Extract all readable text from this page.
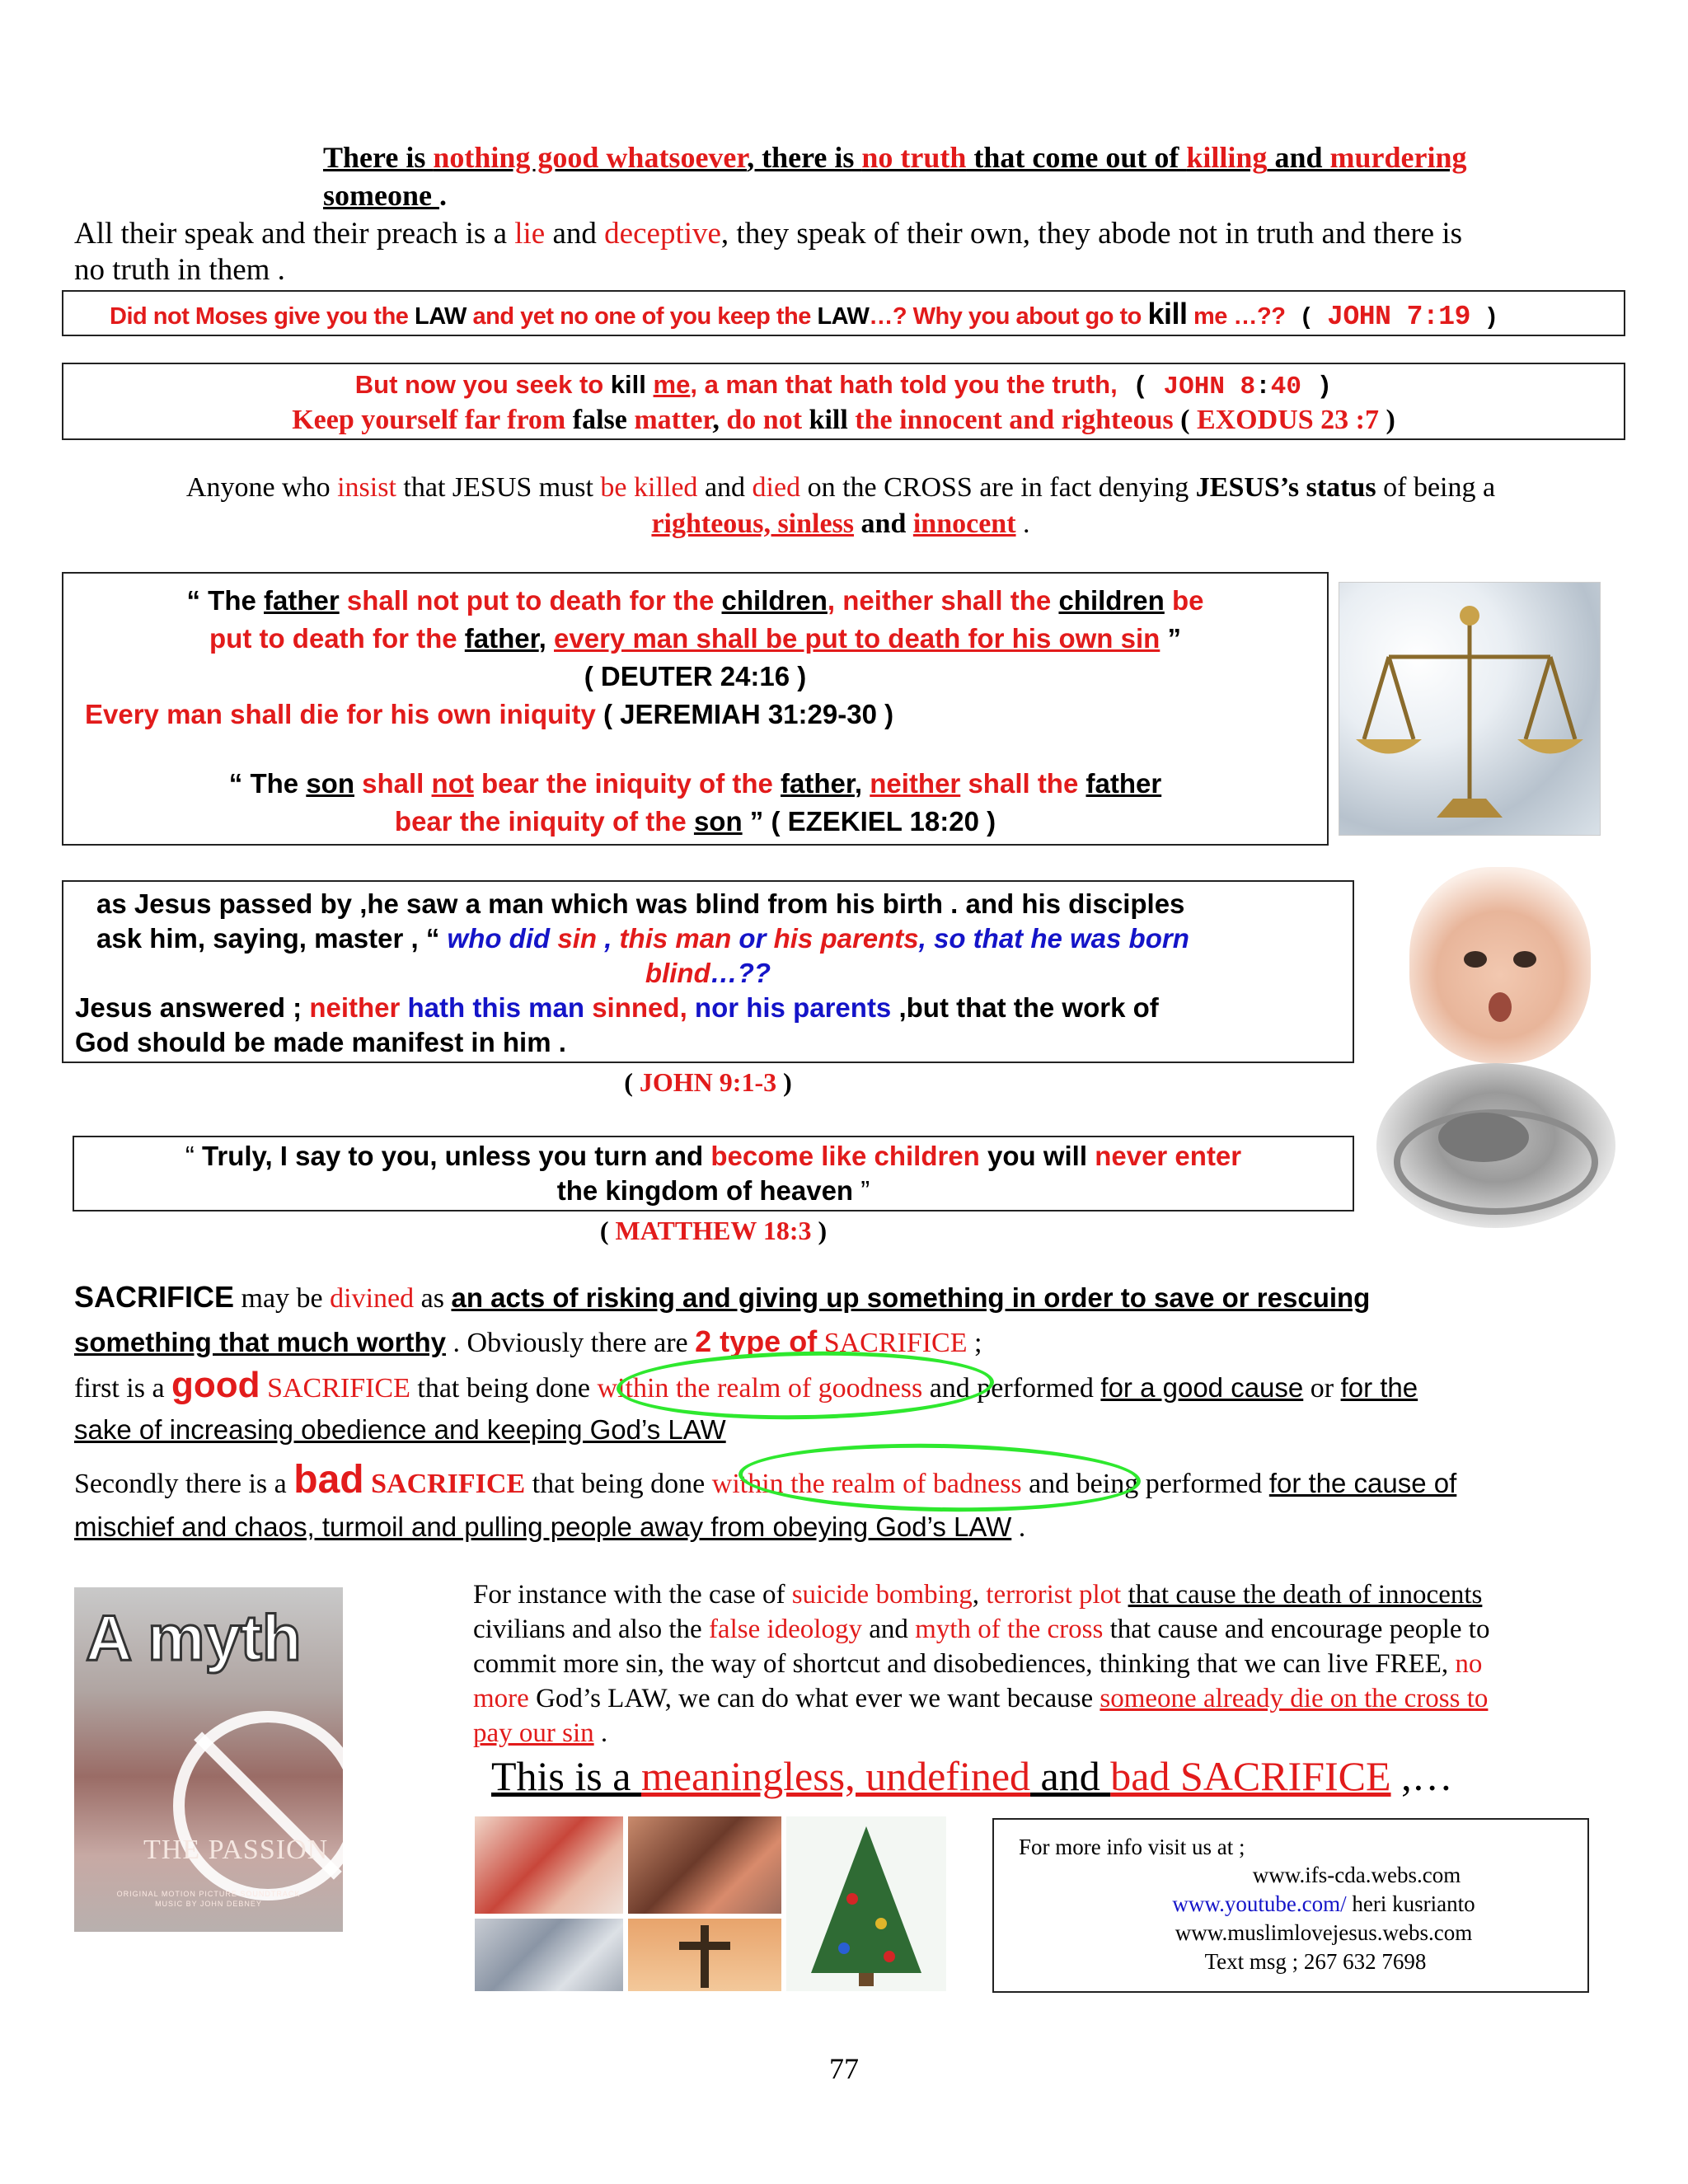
There is nothing good whatsoever, there is no truth that come out of killing and murdering
someone .
All their speak and their preach is a lie and deceptive, they speak of their own, they abode not in truth and there is
no truth in them .
Did not Moses give you the LAW and yet no one of you keep the LAW…? Why you about go to kill me …?? ( JOHN 7:19 )
But now you seek to kill me, a man that hath told you the truth, ( JOHN 8:40 )
Keep yourself far from false matter, do not kill the innocent and righteous ( EXODUS 23 :7 )
Anyone who insist that JESUS must be killed and died on the CROSS are in fact denying JESUS’s status of being a
righteous, sinless and innocent .
“ The father shall not put to death for the children, neither shall the children be
put to death for the father, every man shall be put to death for his own sin ”
( DEUTER 24:16 )
Every man shall die for his own iniquity ( JEREMIAH 31:29-30 )
“ The son shall not bear the iniquity of the father, neither shall the father
bear the iniquity of the son ” ( EZEKIEL 18:20 )
as Jesus passed by ,he saw a man which was blind from his birth . and his disciples
ask him, saying, master , “ who did sin , this man or his parents, so that he was born
blind…??
Jesus answered ; neither hath this man sinned, nor his parents ,but that the work of
God should be made manifest in him .
( JOHN 9:1-3 )
“ Truly, I say to you, unless you turn and become like children you will never enter
the kingdom of heaven ”
( MATTHEW 18:3 )
SACRIFICE may be divined as an acts of risking and giving up something in order to save or rescuing
something that much worthy . Obviously there are 2 type of SACRIFICE ;
first is a good SACRIFICE that being done within the realm of goodness and performed for a good cause or for the
sake of increasing obedience and keeping God’s LAW
Secondly there is a bad SACRIFICE that being done within the realm of badness and being performed for the cause of
mischief and chaos, turmoil and pulling people away from obeying God’s LAW .
A myth
THE PASSION
ORIGINAL MOTION PICTURE SOUNDTRACK
MUSIC BY JOHN DEBNEY
For instance with the case of suicide bombing, terrorist plot that cause the death of innocents
civilians and also the false ideology and myth of the cross that cause and encourage people to
commit more sin, the way of shortcut and disobediences, thinking that we can live FREE, no
more God’s LAW, we can do what ever we want because someone already die on the cross to
pay our sin .
This is a meaningless, undefined and bad SACRIFICE ,…
For more info visit us at ;
www.ifs-cda.webs.com
www.youtube.com/ heri kusrianto
www.muslimlovejesus.webs.com
Text msg ; 267 632 7698
77
